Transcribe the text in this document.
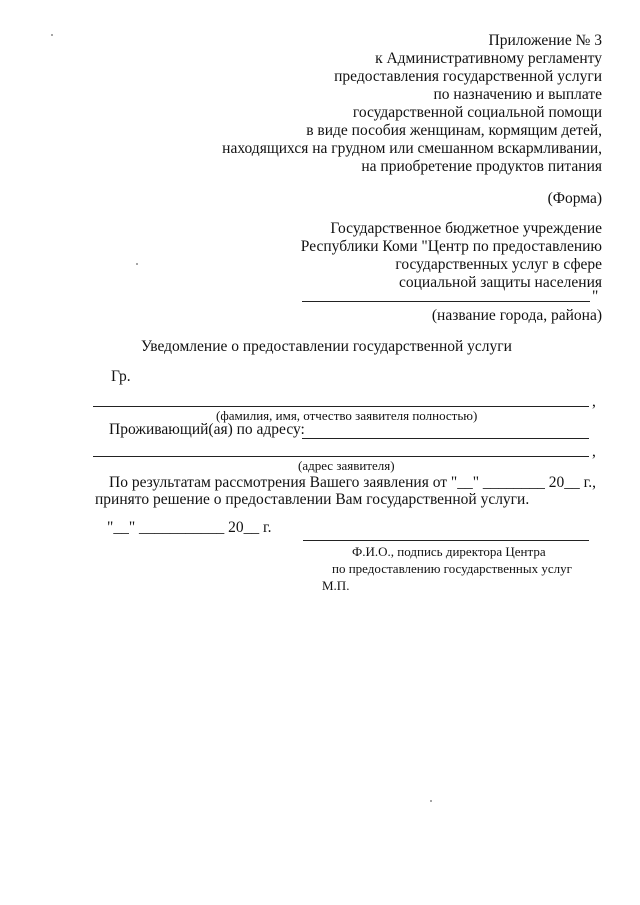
Приложение № 3
к Административному регламенту
предоставления государственной услуги
по назначению и выплате
государственной социальной помощи
в виде пособия женщинам, кормящим детей,
находящихся на грудном или смешанном вскармливании,
на приобретение продуктов питания
(Форма)
Государственное бюджетное учреждение
Республики Коми "Центр по предоставлению
государственных услуг в сфере
социальной защиты населения
"
(название города, района)
Уведомление о предоставлении государственной услуги
Гр.
,
(фамилия, имя, отчество заявителя полностью)
Проживающий(ая) по адресу:
,
(адрес заявителя)
По результатам рассмотрения Вашего заявления от "__" ________ 20__ г.,
принято решение о предоставлении Вам государственной услуги.
"__" ___________ 20__ г.
Ф.И.О., подпись директора Центра
по предоставлению государственных услуг
М.П.
